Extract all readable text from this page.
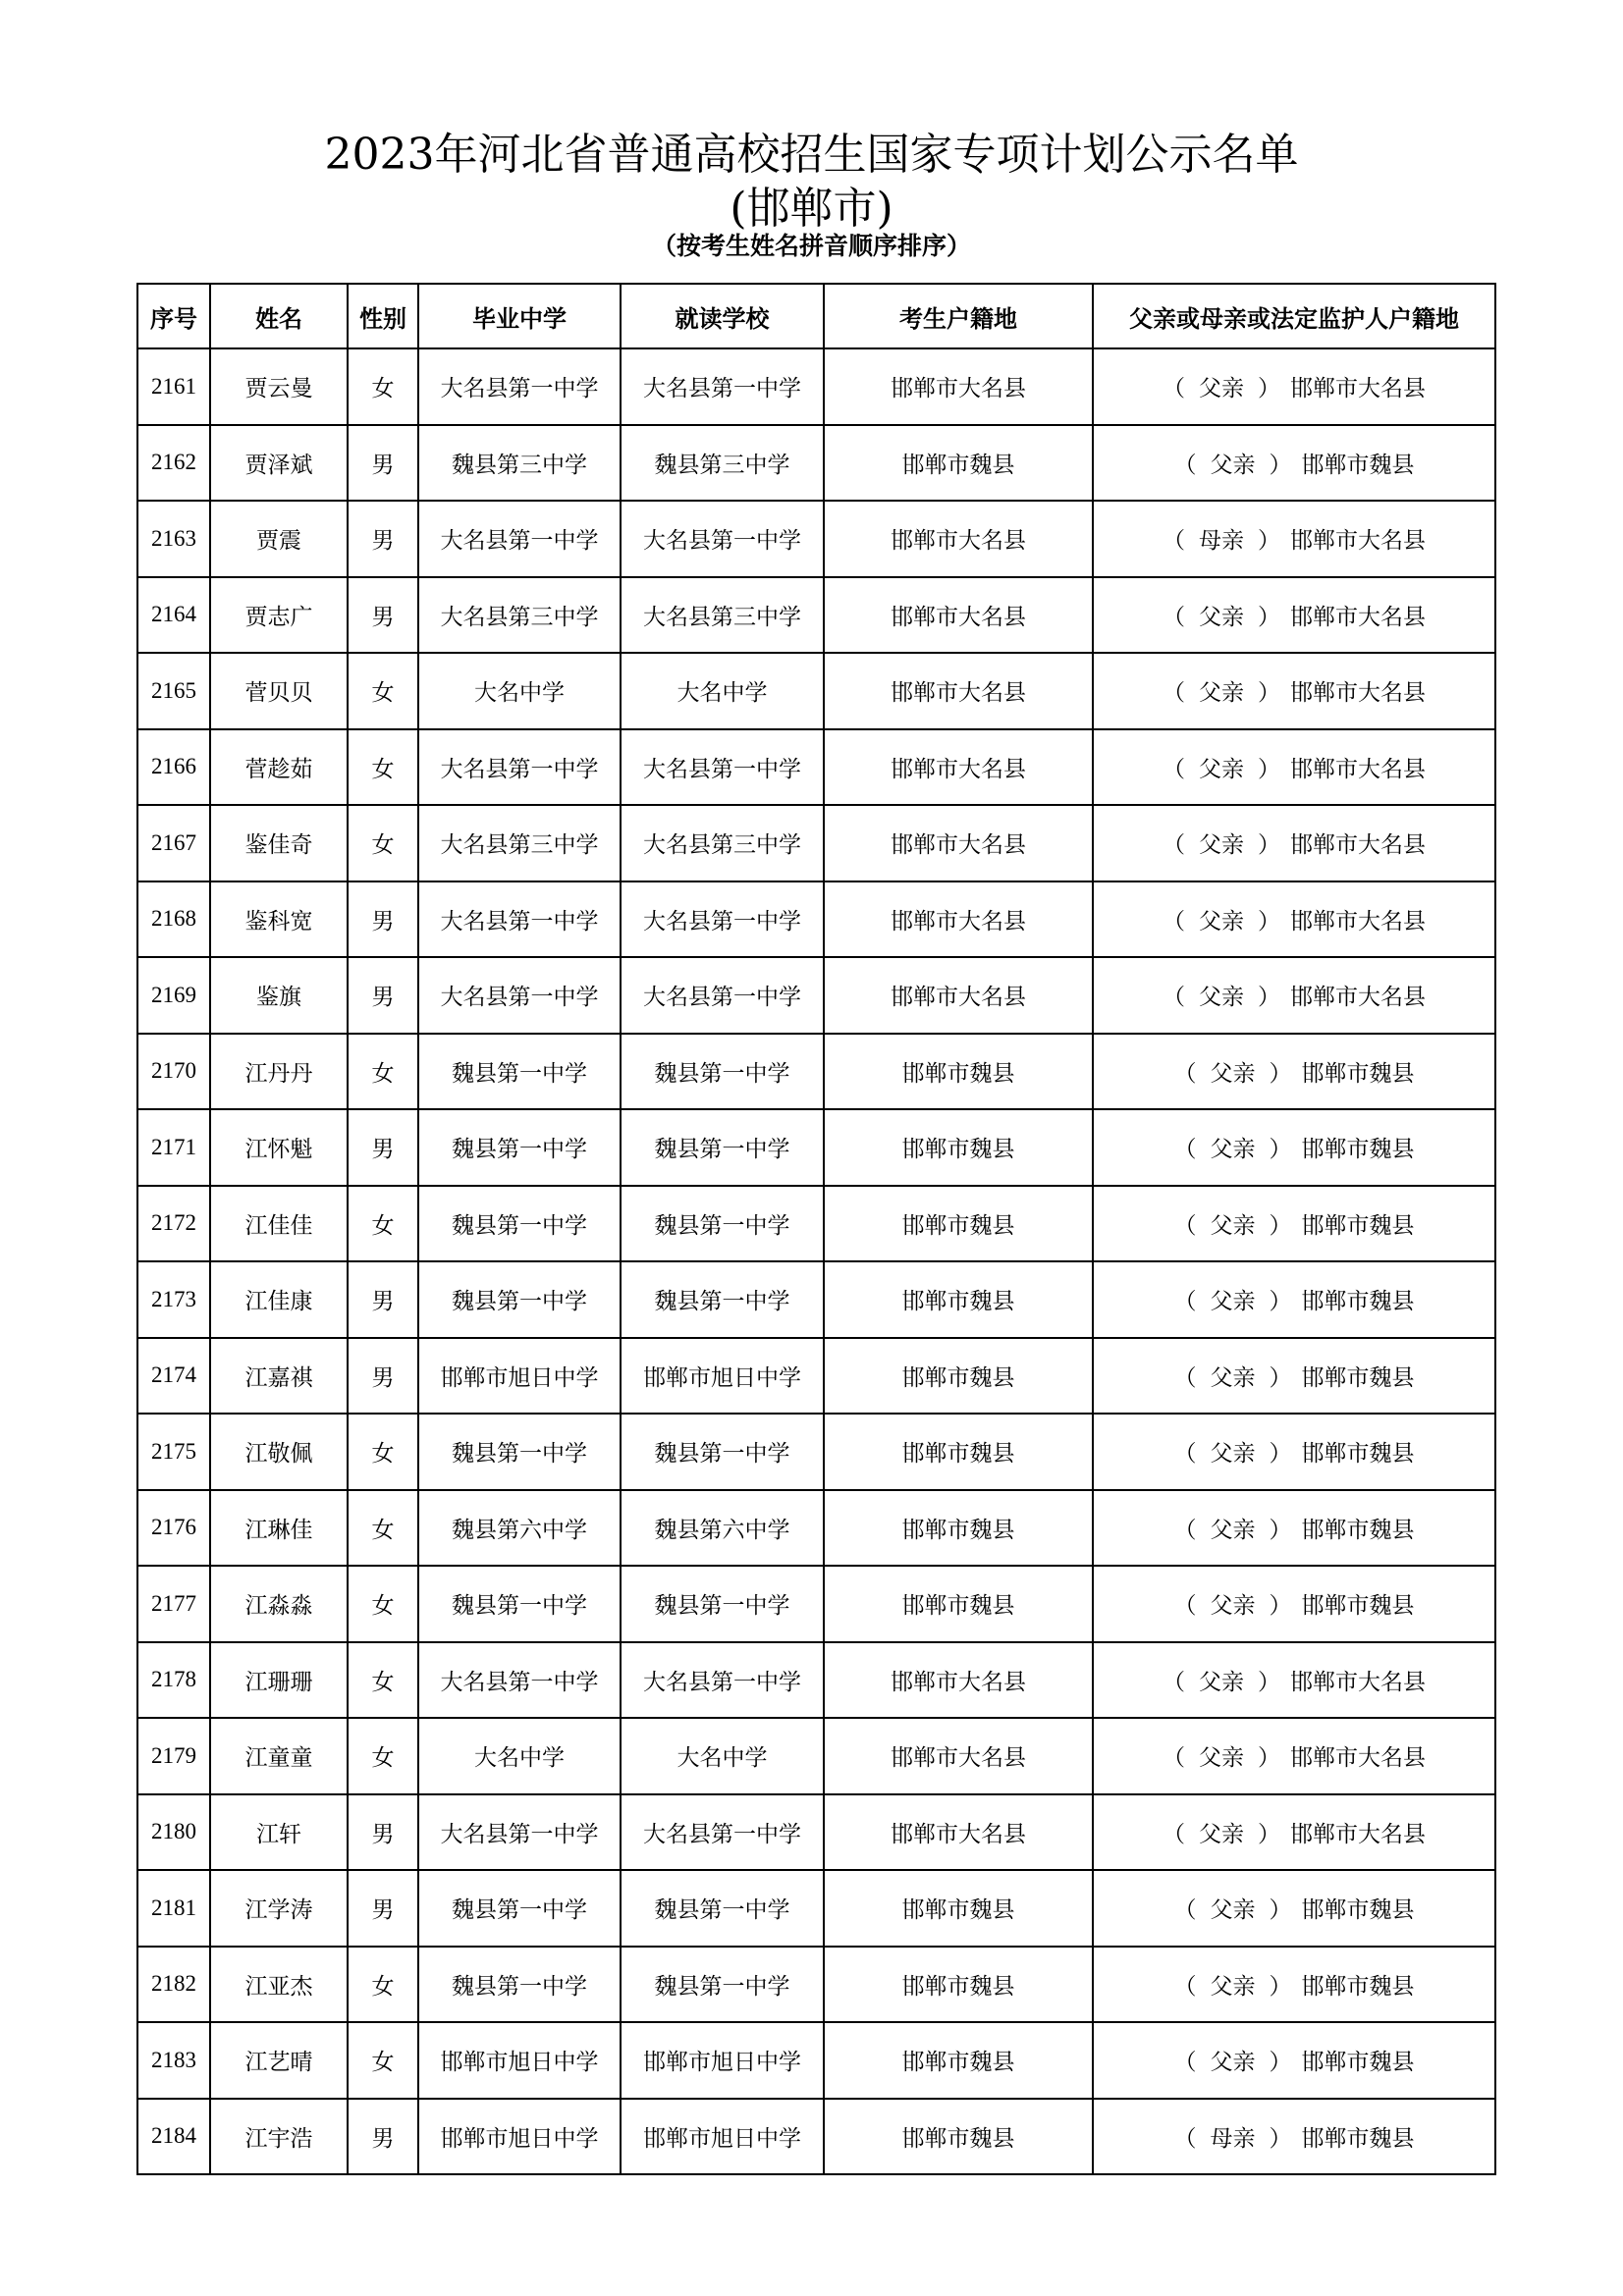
2023年河北省普通高校招生国家专项计划公示名单
(邯郸市)
（按考生姓名拼音顺序排序）
序号	姓名	性别	毕业中学	就读学校	考生户籍地	父亲或母亲或法定监护人户籍地
2161	贾云曼	女	大名县第一中学	大名县第一中学	邯郸市大名县	（ 父亲 ） 邯郸市大名县
2162	贾泽斌	男	魏县第三中学	魏县第三中学	邯郸市魏县	（ 父亲 ） 邯郸市魏县
2163	贾震	男	大名县第一中学	大名县第一中学	邯郸市大名县	（ 母亲 ） 邯郸市大名县
2164	贾志广	男	大名县第三中学	大名县第三中学	邯郸市大名县	（ 父亲 ） 邯郸市大名县
2165	菅贝贝	女	大名中学	大名中学	邯郸市大名县	（ 父亲 ） 邯郸市大名县
2166	菅趁茹	女	大名县第一中学	大名县第一中学	邯郸市大名县	（ 父亲 ） 邯郸市大名县
2167	鉴佳奇	女	大名县第三中学	大名县第三中学	邯郸市大名县	（ 父亲 ） 邯郸市大名县
2168	鉴科宽	男	大名县第一中学	大名县第一中学	邯郸市大名县	（ 父亲 ） 邯郸市大名县
2169	鉴旗	男	大名县第一中学	大名县第一中学	邯郸市大名县	（ 父亲 ） 邯郸市大名县
2170	江丹丹	女	魏县第一中学	魏县第一中学	邯郸市魏县	（ 父亲 ） 邯郸市魏县
2171	江怀魁	男	魏县第一中学	魏县第一中学	邯郸市魏县	（ 父亲 ） 邯郸市魏县
2172	江佳佳	女	魏县第一中学	魏县第一中学	邯郸市魏县	（ 父亲 ） 邯郸市魏县
2173	江佳康	男	魏县第一中学	魏县第一中学	邯郸市魏县	（ 父亲 ） 邯郸市魏县
2174	江嘉祺	男	邯郸市旭日中学	邯郸市旭日中学	邯郸市魏县	（ 父亲 ） 邯郸市魏县
2175	江敬佩	女	魏县第一中学	魏县第一中学	邯郸市魏县	（ 父亲 ） 邯郸市魏县
2176	江琳佳	女	魏县第六中学	魏县第六中学	邯郸市魏县	（ 父亲 ） 邯郸市魏县
2177	江淼淼	女	魏县第一中学	魏县第一中学	邯郸市魏县	（ 父亲 ） 邯郸市魏县
2178	江珊珊	女	大名县第一中学	大名县第一中学	邯郸市大名县	（ 父亲 ） 邯郸市大名县
2179	江童童	女	大名中学	大名中学	邯郸市大名县	（ 父亲 ） 邯郸市大名县
2180	江轩	男	大名县第一中学	大名县第一中学	邯郸市大名县	（ 父亲 ） 邯郸市大名县
2181	江学涛	男	魏县第一中学	魏县第一中学	邯郸市魏县	（ 父亲 ） 邯郸市魏县
2182	江亚杰	女	魏县第一中学	魏县第一中学	邯郸市魏县	（ 父亲 ） 邯郸市魏县
2183	江艺晴	女	邯郸市旭日中学	邯郸市旭日中学	邯郸市魏县	（ 父亲 ） 邯郸市魏县
2184	江宇浩	男	邯郸市旭日中学	邯郸市旭日中学	邯郸市魏县	（ 母亲 ） 邯郸市魏县
